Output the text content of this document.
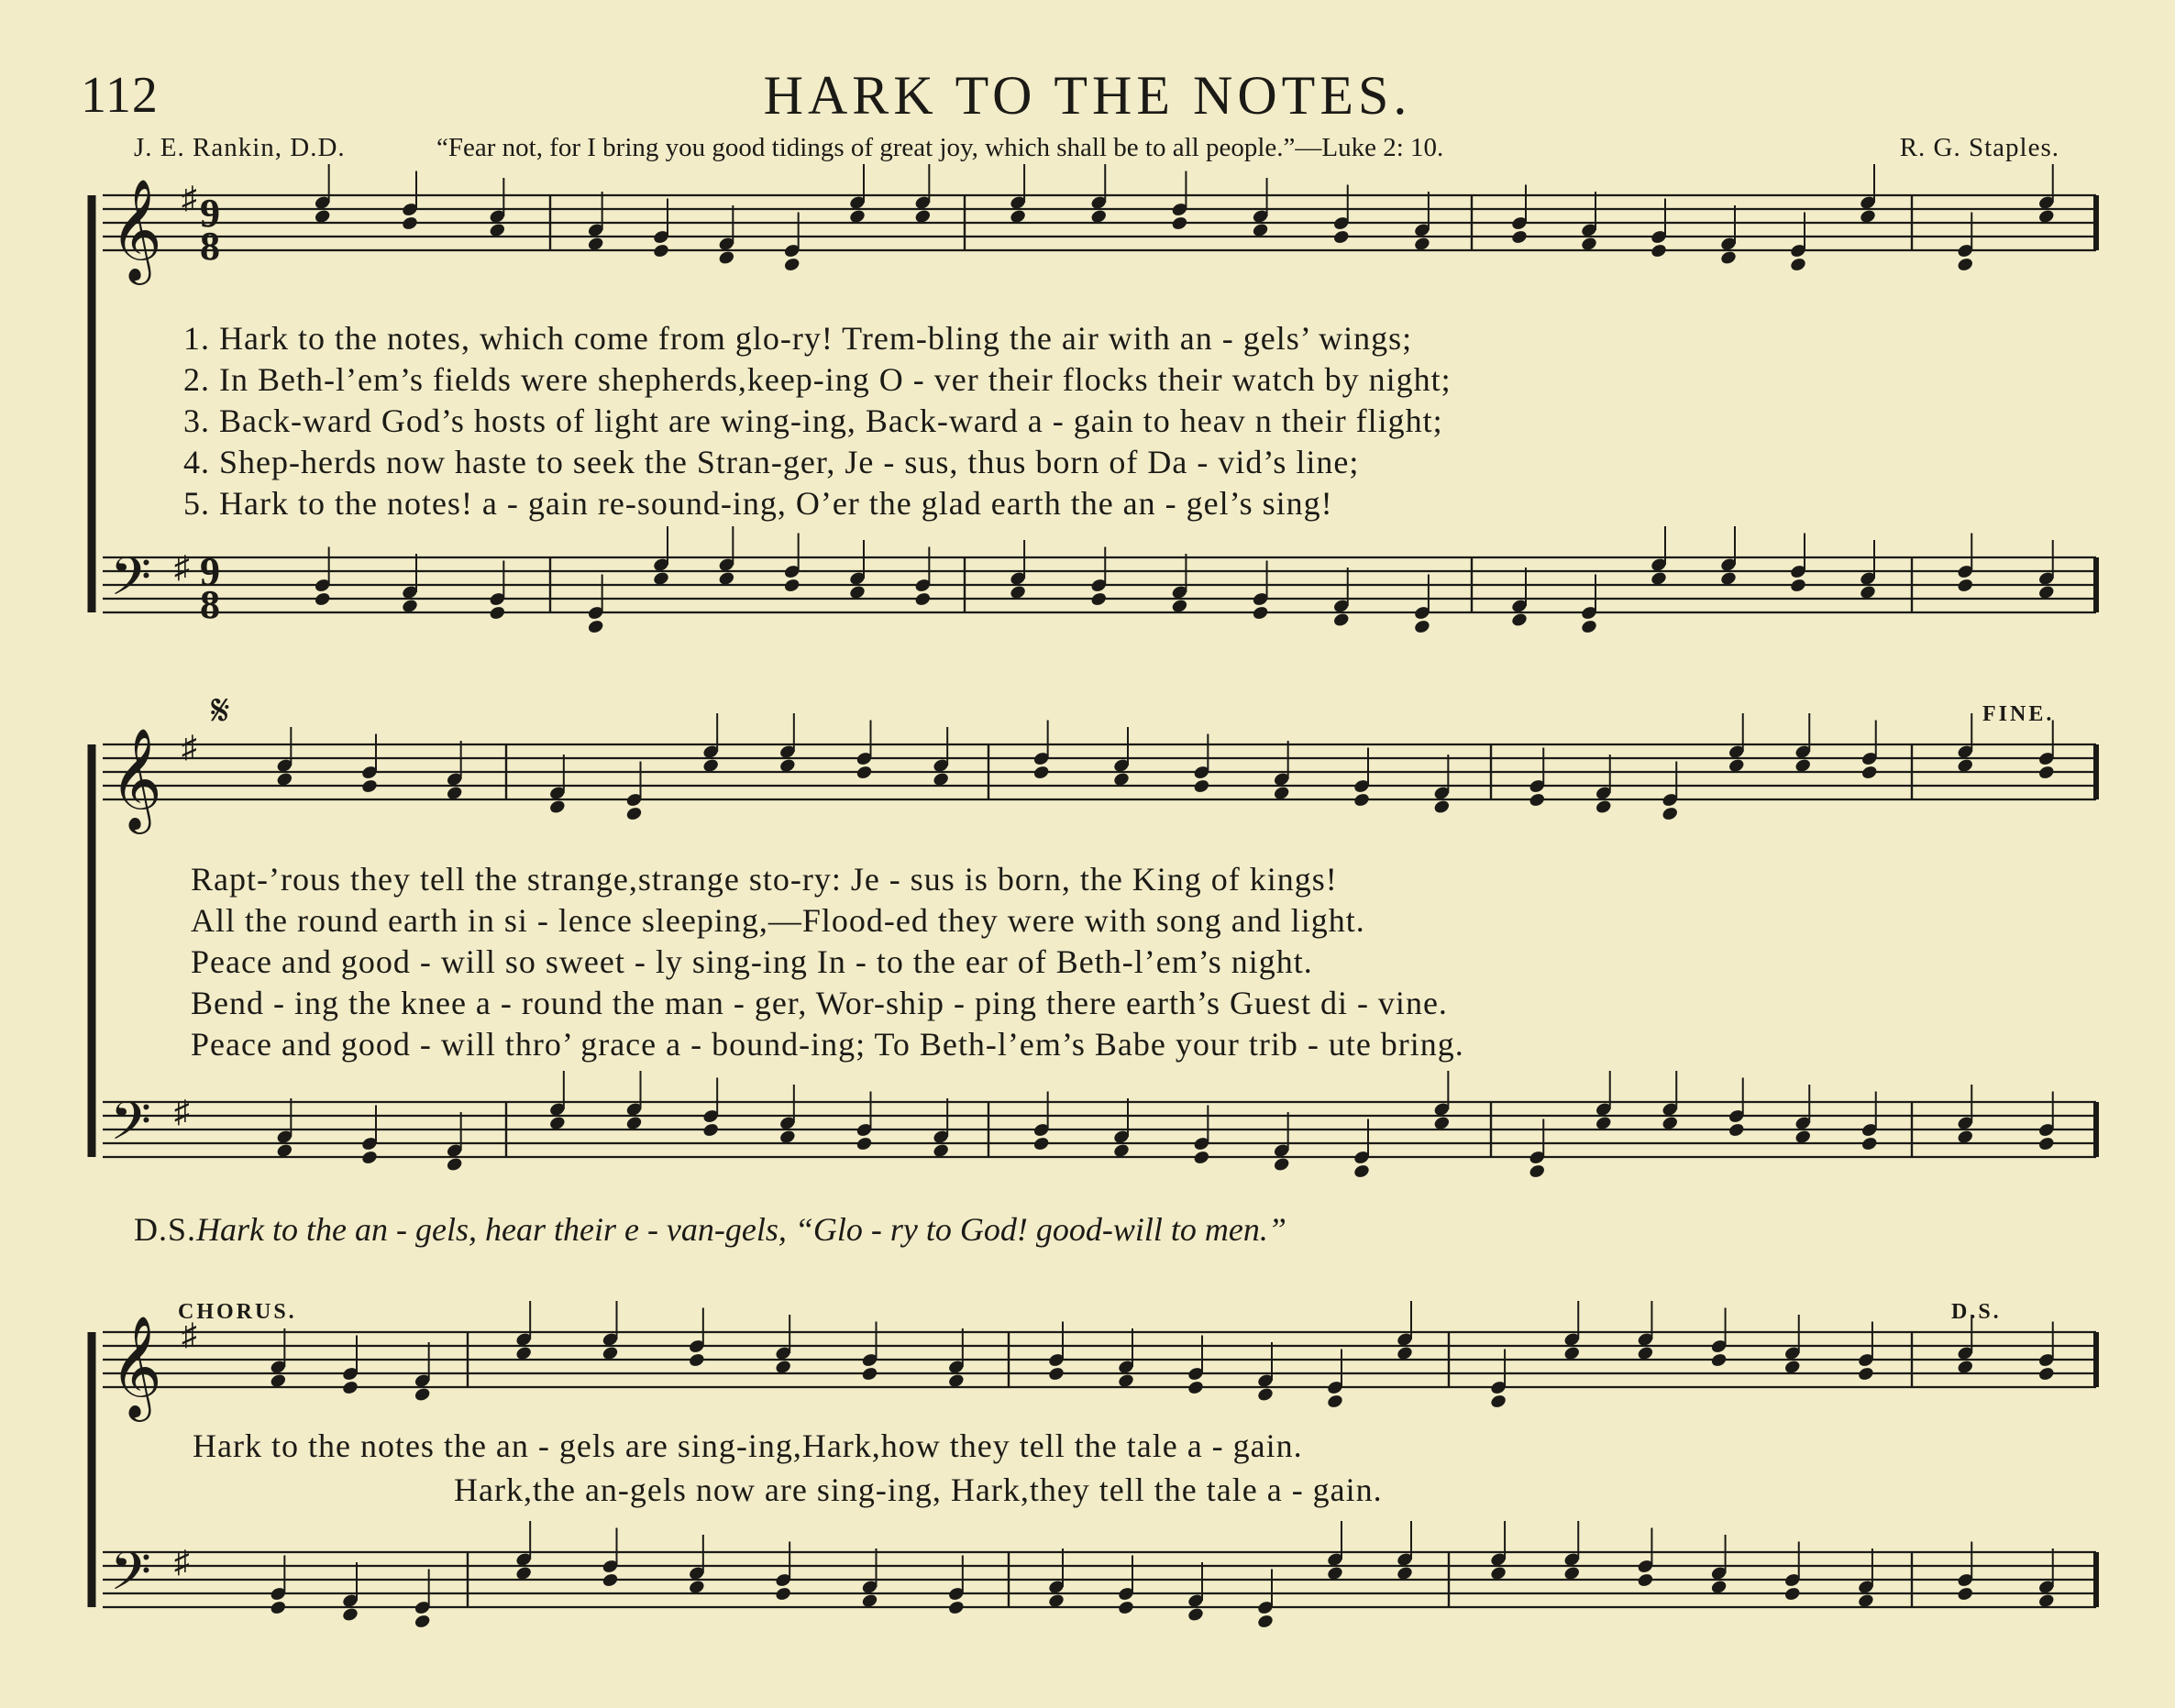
112	HARK TO THE NOTES.
J. E. Rankin, D.D.	“Fear not, for I bring you good tidings of great joy, which shall be to all people.”—Luke 2: 10.	R. G. Staples.
𝄞
𝄢
♯ 9
8
♯ 9
8
𝄞
𝄢
♯
♯
𝄞
𝄢
♯
♯
FINE.
𝄋
CHORUS.	D.S.
1. Hark to the notes, which come from glo-ry! Trem-bling the air with an - gels’ wings;
2. In Beth-l’em’s fields were shepherds,keep-ing O - ver their flocks their watch by night;
3. Back-ward God’s hosts of light are wing-ing, Back-ward a - gain to heav n their flight;
4. Shep-herds now haste to seek the Stran-ger, Je - sus, thus born of Da - vid’s line;
5. Hark to the notes! a - gain re-sound-ing, O’er the glad earth the an - gel’s sing!
Rapt-’rous they tell the strange,strange sto-ry: Je - sus is born, the King of kings!
All the round earth in si - lence sleeping,—Flood-ed they were with song and light.
Peace and good - will so sweet - ly sing-ing In - to the ear of Beth-l’em’s night.
Bend - ing the knee a - round the man - ger, Wor-ship - ping there earth’s Guest di - vine.
Peace and good - will thro’ grace a - bound-ing; To Beth-l’em’s Babe your trib - ute bring.
D.S.Hark to the an - gels, hear their e - van-gels, “Glo - ry to God! good-will to men.”
Hark to the notes the an - gels are sing-ing,Hark,how they tell the tale a - gain.
Hark,the an-gels now are sing-ing, Hark,they tell the tale a - gain.
